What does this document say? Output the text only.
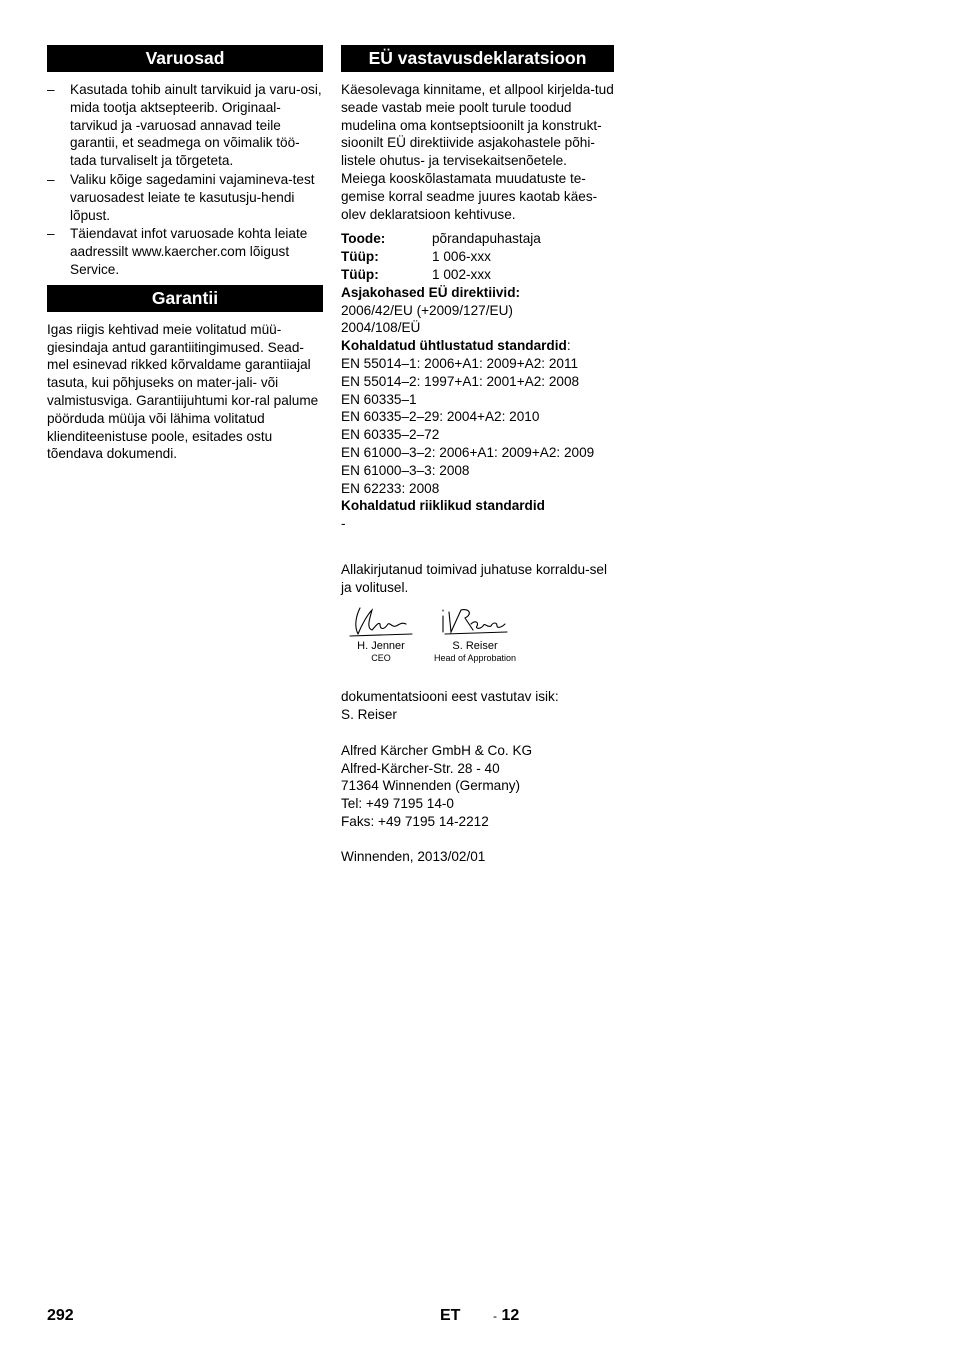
Varuosad
– Kasutada tohib ainult tarvikuid ja varu-osi, mida tootja aktsepteerib. Originaal-tarvikud ja -varuosad annavad teile garantii, et seadmega on võimalik töö-tada turvaliselt ja tõrgeteta.
– Valiku kõige sagedamini vajamineva-test varuosadest leiate te kasutusju-hendi lõpust.
– Täiendavat infot varuosade kohta leiate aadressilt www.kaercher.com lõigust Service.
Garantii

Igas riigis kehtivad meie volitatud müü-giesindaja antud garantiitingimused. Sead-mel esinevad rikked kõrvaldame garantiiajal tasuta, kui põhjuseks on mater-jali- või valmistusviga. Garantiijuhtumi kor-ral palume pöörduda müüja või lähima volitatud klienditeenistuse poole, esitades ostu tõendava dokumendi.

EÜ vastavusdeklaratsioon

Käesolevaga kinnitame, et allpool kirjelda-tud seade vastab meie poolt turule toodud mudelina oma kontseptsioonilt ja konstrukt-sioonilt EÜ direktiivide asjakohastele põhi-listele ohutus- ja tervisekaitsenõetele. Meiega kooskõlastamata muudatuste te-gemise korral seadme juures kaotab käes-olev deklaratsioon kehtivuse.

Toode:	põrandapuhastaja
Tüüp:	1 006-xxx
Tüüp:	1 002-xxx
Asjakohased EÜ direktiivid:
2006/42/EU (+2009/127/EU)
2004/108/EÜ
Kohaldatud ühtlustatud standardid:
EN 55014–1: 2006+A1: 2009+A2: 2011
EN 55014–2: 1997+A1: 2001+A2: 2008
EN 60335–1
EN 60335–2–29: 2004+A2: 2010
EN 60335–2–72
EN 61000–3–2: 2006+A1: 2009+A2: 2009
EN 61000–3–3: 2008
EN 62233: 2008
Kohaldatud riiklikud standardid
-

Allakirjutanud toimivad juhatuse korraldu-sel ja volitusel.

H. Jenner
CEO
S. Reiser
Head of Approbation

dokumentatsiooni eest vastutav isik:

S. Reiser

Alfred Kärcher GmbH & Co. KG
Alfred-Kärcher-Str. 28 - 40
71364 Winnenden (Germany)
Tel: +49 7195 14-0
Faks: +49 7195 14-2212

Winnenden, 2013/02/01

292	ET	- 12
